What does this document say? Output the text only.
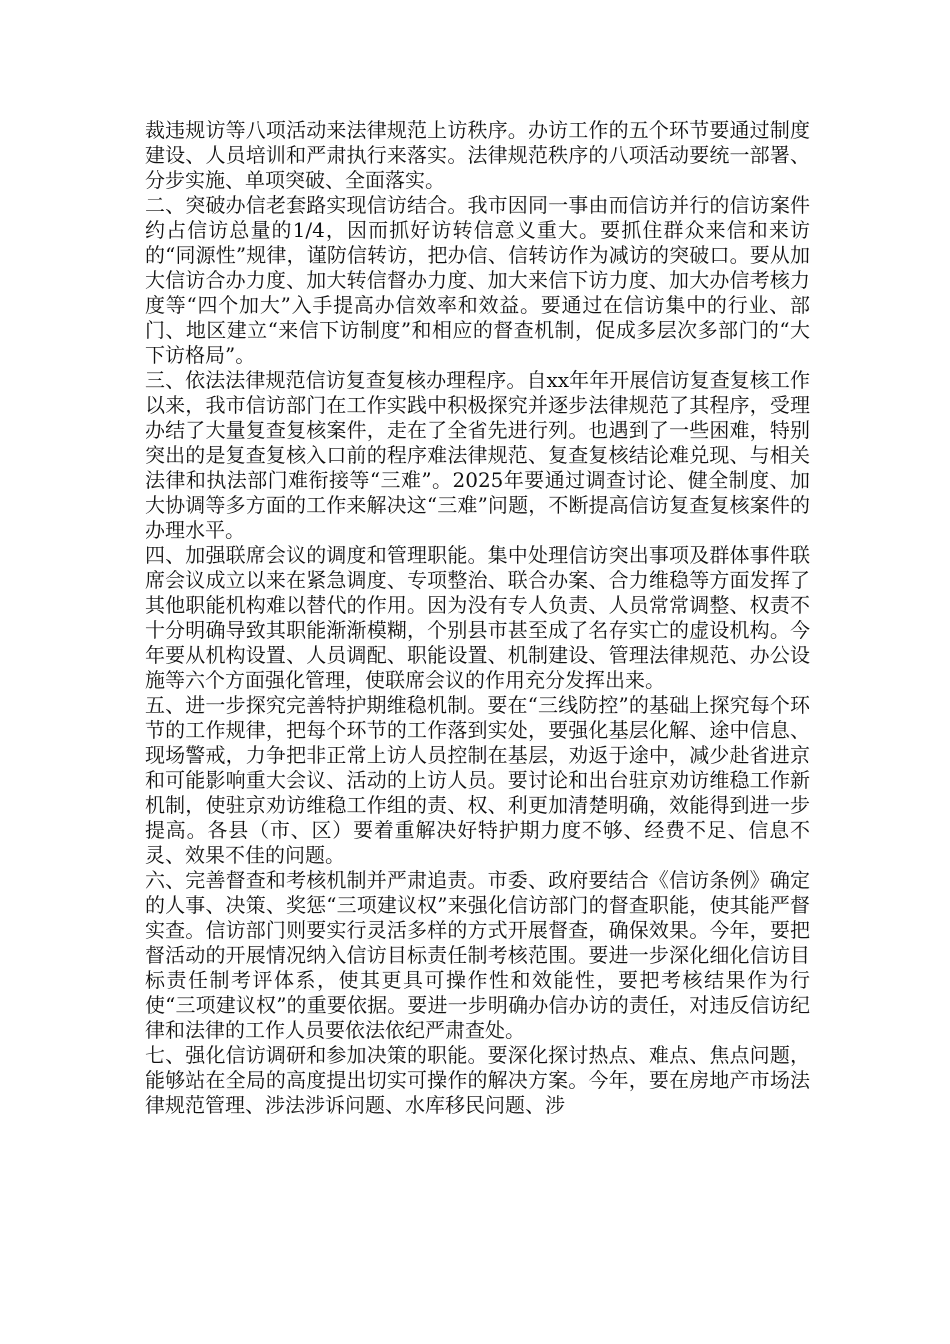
裁违规访等八项活动来法律规范上访秩序。办访工作的五个环节要通过制度建设、人员培训和严肃执行来落实。法律规范秩序的八项活动要统一部署、分步实施、单项突破、全面落实。

二、突破办信老套路实现信访结合。我市因同一事由而信访并行的信访案件约占信访总量的1/4，因而抓好访转信意义重大。要抓住群众来信和来访的“同源性”规律，谨防信转访，把办信、信转访作为减访的突破口。要从加大信访合办力度、加大转信督办力度、加大来信下访力度、加大办信考核力度等“四个加大”入手提高办信效率和效益。要通过在信访集中的行业、部门、地区建立“来信下访制度”和相应的督查机制，促成多层次多部门的“大下访格局”。

三、依法法律规范信访复查复核办理程序。自xx年年开展信访复查复核工作以来，我市信访部门在工作实践中积极探究并逐步法律规范了其程序，受理办结了大量复查复核案件，走在了全省先进行列。也遇到了一些困难，特别突出的是复查复核入口前的程序难法律规范、复查复核结论难兑现、与相关法律和执法部门难衔接等“三难”。2025年要通过调查讨论、健全制度、加大协调等多方面的工作来解决这“三难”问题，不断提高信访复查复核案件的办理水平。

四、加强联席会议的调度和管理职能。集中处理信访突出事项及群体事件联席会议成立以来在紧急调度、专项整治、联合办案、合力维稳等方面发挥了其他职能机构难以替代的作用。因为没有专人负责、人员常常调整、权责不十分明确导致其职能渐渐模糊，个别县市甚至成了名存实亡的虚设机构。今年要从机构设置、人员调配、职能设置、机制建设、管理法律规范、办公设施等六个方面强化管理，使联席会议的作用充分发挥出来。

五、进一步探究完善特护期维稳机制。要在“三线防控”的基础上探究每个环节的工作规律，把每个环节的工作落到实处，要强化基层化解、途中信息、现场警戒，力争把非正常上访人员控制在基层，劝返于途中，减少赴省进京和可能影响重大会议、活动的上访人员。要讨论和出台驻京劝访维稳工作新机制，使驻京劝访维稳工作组的责、权、利更加清楚明确，效能得到进一步提高。各县（市、区）要着重解决好特护期力度不够、经费不足、信息不灵、效果不佳的问题。

六、完善督查和考核机制并严肃追责。市委、政府要结合《信访条例》确定的人事、决策、奖惩“三项建议权”来强化信访部门的督查职能，使其能严督实查。信访部门则要实行灵活多样的方式开展督查，确保效果。今年，要把督活动的开展情况纳入信访目标责任制考核范围。要进一步深化细化信访目标责任制考评体系，使其更具可操作性和效能性，要把考核结果作为行使“三项建议权”的重要依据。要进一步明确办信办访的责任，对违反信访纪律和法律的工作人员要依法依纪严肃查处。

七、强化信访调研和参加决策的职能。要深化探讨热点、难点、焦点问题，能够站在全局的高度提出切实可操作的解决方案。今年，要在房地产市场法律规范管理、涉法涉诉问题、水库移民问题、涉
